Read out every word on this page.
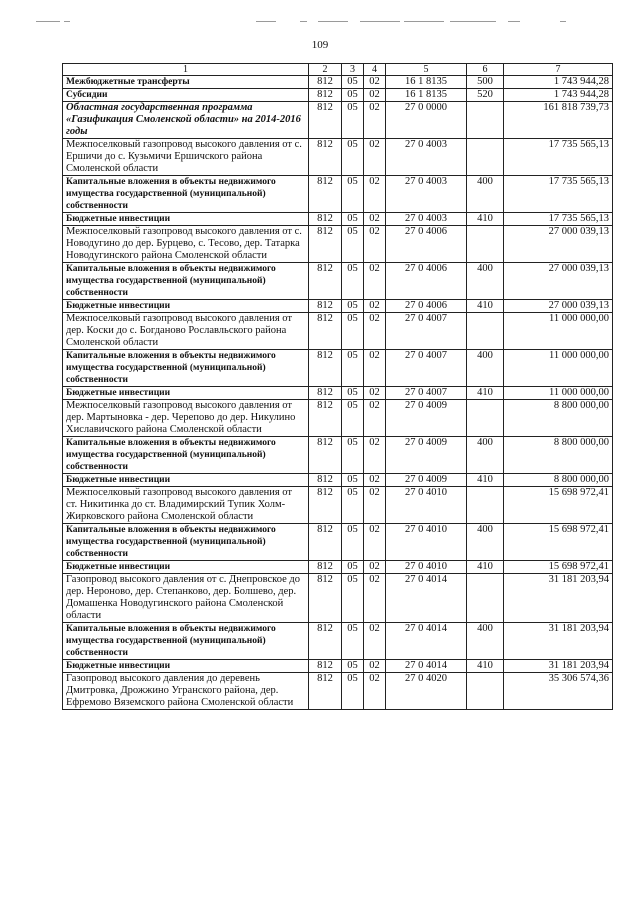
109
1	2	3	4	5	6	7
Межбюджетные трансферты	812	05	02	16 1 8135	500	1 743 944,28
Субсидии	812	05	02	16 1 8135	520	1 743 944,28
Областная государственная программа «Газификация Смоленской области» на 2014-2016 годы	812	05	02	27 0 0000		161 818 739,73
Межпоселковый газопровод высокого давления от с. Ершичи до с. Кузьмичи Ершичского района Смоленской области	812	05	02	27 0 4003		17 735 565,13
Капитальные вложения в объекты недвижимого имущества государственной (муниципальной) собственности	812	05	02	27 0 4003	400	17 735 565,13
Бюджетные инвестиции	812	05	02	27 0 4003	410	17 735 565,13
Межпоселковый газопровод высокого давления от с. Новодугино до дер. Бурцево, с. Тесово, дер. Татарка Новодугинского района Смоленской области	812	05	02	27 0 4006		27 000 039,13
Капитальные вложения в объекты недвижимого имущества государственной (муниципальной) собственности	812	05	02	27 0 4006	400	27 000 039,13
Бюджетные инвестиции	812	05	02	27 0 4006	410	27 000 039,13
Межпоселковый газопровод высокого давления от дер. Коски до с. Богданово Рославльского района Смоленской области	812	05	02	27 0 4007		11 000 000,00
Капитальные вложения в объекты недвижимого имущества государственной (муниципальной) собственности	812	05	02	27 0 4007	400	11 000 000,00
Бюджетные инвестиции	812	05	02	27 0 4007	410	11 000 000,00
Межпоселковый газопровод высокого давления от дер. Мартыновка - дер. Черепово до дер. Никулино Хиславичского района Смоленской области	812	05	02	27 0 4009		8 800 000,00
Капитальные вложения в объекты недвижимого имущества государственной (муниципальной) собственности	812	05	02	27 0 4009	400	8 800 000,00
Бюджетные инвестиции	812	05	02	27 0 4009	410	8 800 000,00
Межпоселковый газопровод высокого давления от ст. Никитинка до ст. Владимирский Тупик Холм-Жирковского района Смоленской области	812	05	02	27 0 4010		15 698 972,41
Капитальные вложения в объекты недвижимого имущества государственной (муниципальной) собственности	812	05	02	27 0 4010	400	15 698 972,41
Бюджетные инвестиции	812	05	02	27 0 4010	410	15 698 972,41
Газопровод высокого давления от с. Днепровское до дер. Нероново, дер. Степанково, дер. Болшево, дер. Домашенка Новодугинского района Смоленской области	812	05	02	27 0 4014		31 181 203,94
Капитальные вложения в объекты недвижимого имущества государственной (муниципальной) собственности	812	05	02	27 0 4014	400	31 181 203,94
Бюджетные инвестиции	812	05	02	27 0 4014	410	31 181 203,94
Газопровод высокого давления до деревень Дмитровка, Дрожжино Угранского района, дер. Ефремово Вяземского района Смоленской области	812	05	02	27 0 4020		35 306 574,36
